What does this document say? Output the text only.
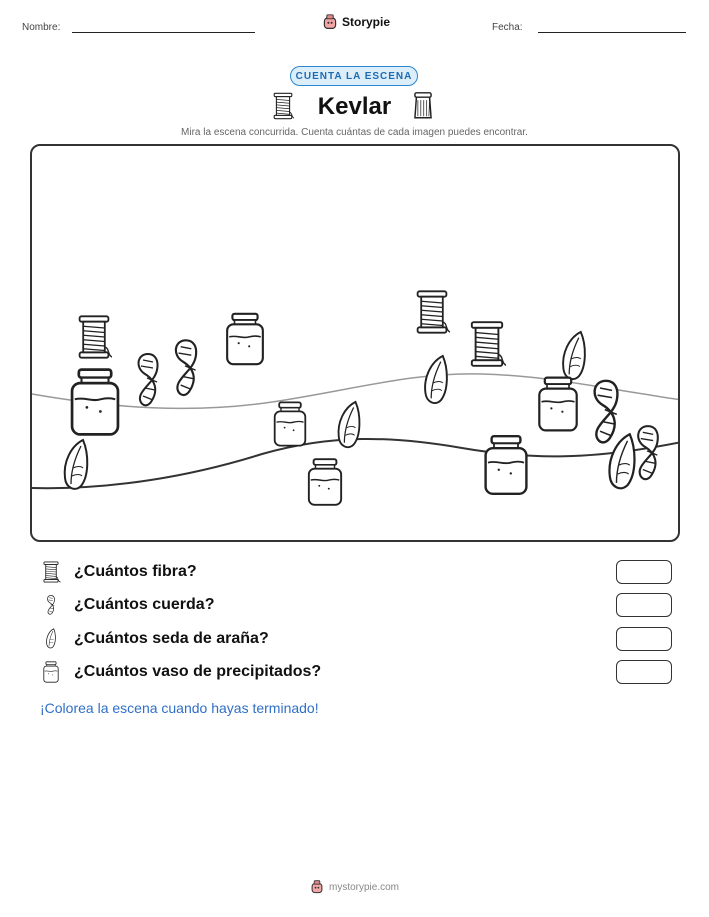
Nombre:	Storypie	Fecha:
CUENTA LA ESCENA
Kevlar
Mira la escena concurrida. Cuenta cuántas de cada imagen puedes encontrar.
¿Cuántos fibra?
¿Cuántos cuerda?
¿Cuántos seda de araña?
¿Cuántos vaso de precipitados?
¡Colorea la escena cuando hayas terminado!
mystorypie.com
